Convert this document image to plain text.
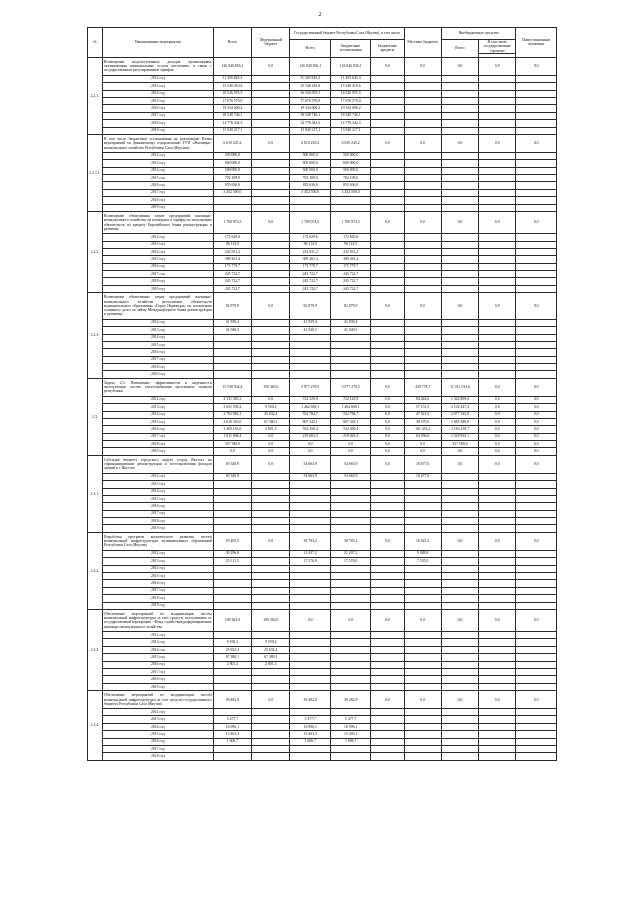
2
№	Наименование мероприятия	Всего	Федеральный бюджет	Государственный бюджет Республики Саха (Якутия), в том числе			Местные бюджеты	Внебюджетные средства		Инвестиционные вложения
				Всего	Бюджетные ассигнования	Бюджетные кредиты		Всего	В том числе государственные гарантии	

2.2.1.	Возмещение недополученных доходов организациям, оказывающим коммунальные услуги населению, в связи с государственным регулированием тарифов	126 940 836,1	0,0	126 940 836,1	126 940 836,1	0,0	0,0	0,0	0,0	0,0
	2012 год	11 305 845,3		11 305 845,3	11 305 845,3					
	2013 год	15 548 410,6		15 548 410,6	15 548 410,6					
	2014 год	16 526 955,5		16 526 955,5	16 526 955,5					
	2015 год	17 676 570,0		17 676 570,0	17 676 570,0					
	2016 год	19 334 000,2		19 334 000,2	19 334 000,2					
	2017 год	18 548 746,1		18 548 746,1	18 548 746,1					
	2018 год	14 776 342,3		14 776 342,3	14 776 342,3					
	2019 год	13 940 217,1		13 940 217,1	13 940 217,1					
2.2.1.1.	В том числе бюджетные ассигнования на реализацию Плана мероприятий по финансовому оздоровлению ГУП «Жилищно-коммунальное хозяйство Республики Саха (Якутия)»	6 610 245,2	0,0	6 610 245,2	6 610 245,2	0,0	0,0	0,0	0,0	0,0
	2012 год	500 000,0		500 000,0	500 000,0					
	2013 год	600 000,0		600 000,0	600 000,0					
	2014 год	500 000,0		500 000,0	500 000,0					
	2015 год	702 109,0		702 109,0	702 109,0					
	2016 год	855 636,0		855 636,0	855 636,0					
	2017 год	3 452 500,0		3 452 500,0	3 452 500,0					
	2018 год									
	2019 год									
2.2.2.	Возмещение объективных затрат предприятий жилищно-коммунального хозяйства, не вошедших в тарифы по исполнению обязательств по кредиту Европейского банка реконструкции и развития	1 700 974,5	0,0	1 700 974,5	1 700 974,5	0,0	0,0	0,0	0,0	0,0
	2012 год	172 629,6		172 629,6	172 629,6					
	2013 год	96 114,5		96 114,5	96 114,5					
	2014 год	232 931,2		232 931,2	232 931,2					
	2015 год	389 261,4		389 261,4	389 261,4					
	2016 год	175 779,7		175 779,7	175 779,7					
	2017 год	245 722,7		245 722,7	245 722,7					
	2018 год	245 722,7		245 722,7	245 722,7					
	2019 год	245 722,7		245 722,7	245 722,7					
2.2.3.	Возмещение объективных затрат предприятий жилищно-коммунального хозяйства (исполнение обязательств муниципального образования «Город Нерюнгри» по погашению основного долга по займу Международного банка реконструкции и развития)	82 879,9	0,0	82 879,9	82 879,9	0,0	0,0	0,0	0,0	0,0
	2012 год	41 839,4		41 839,4	41 839,4					
	2013 год	41 040,5		41 040,5	41 040,5					
	2014 год									
	2015 год									
	2016 год									
	2017 год									
	2018 год									
	2019 год									
2.3.	Задача 2.3. Повышение эффективности и надежности эксплуатации систем теплоснабжения населенных пунктов республики	15 538 934,4	109 363,0	3 977 278,5	3 977 278,5	0,0	439 778,7	11 012 533,6	0,0	0,0
	2012 год	2 131 383,3	0,0	722 129,9	722 129,9	0,0	84 442,6	1 324 809,6	0,0	0,0
	2013 год	3 631 058,2	9 550,2	1 462 669,1	1 462 669,1	0,0	57 131,5	2 102 447,4	0,0	0,0
	2014 год	2 702 882,1	25 632,4	552 784,7	552 784,7	0,0	47 521,0	2 077 543,8	0,0	0,0
	2015 год	2 618 353,0	67 380,1	807 345,1	807 345,1	0,0	38 579,0	1 685 389,8	0,0	0,0
	2016 год	3 269 163,6	2 801,3	532 456,4	532 456,4	0,0	161 452,2	2 183 410,7	0,0	0,0
	2017 год	1 811 806,4	0,0	219 063,3	219 063,3	0,0	64 936,0	1 328 903,1	0,0	0,0
	2018 год	357 580,0	0,0	0,0	0,0	0,0	0,0	357 580,0	0,0	0,0
	2019 год	0,0	0,0	0,0	0,0	0,0	0,0	0,0	0,0	0,0
2.3.1.	Субсидия бюджету городского округа «город Якутск» на софинансирование реконструкции и восстановления фасадов зданий в г. Якутске	65 340,9	0,0	54 663,9	54 663,9	0,0	10 677,0	0,0	0,0	0,0
	2012 год	65 340,9		54 663,9	54 663,9		10 677,0			
	2013 год									
	2014 год									
	2015 год									
	2016 год									
	2017 год									
	2018 год									
	2019 год									
2.3.2.	Разработка программ комплексного развития систем коммунальной инфраструктуры муниципальных образований Республики Саха (Якутия)	55 495,5	0,0	38 783,2	38 783,2	0,0	16 022,3	0,0	0,0	0,0
	2012 год	30 296,0		21 207,2	21 207,2		9 088,8			
	2013 год	25 111,5		17 576,0	17 576,0		7 535,5			
	2014 год									
	2015 год									
	2016 год									
	2017 год									
	2018 год									
	2019 год									
2.3.3.	Обеспечение мероприятий по модернизации систем коммунальной инфраструктуры за счет средств, поступивших от государственной корпорации - Фонд содействия реформированию жилищно-коммунального хозяйства	109 363,0	109 363,0	0,0	0,0	0,0	0,0	0,0	0,0	0,0
	2012 год									
	2013 год	9 550,2	9 550,2							
	2014 год	25 632,4	25 632,4							
	2015 год	67 380,1	67 380,1							
	2016 год	2 801,3	2 801,3							
	2017 год									
	2018 год									
	2019 год									
2.3.4.	Обеспечение мероприятий по модернизации систем коммунальной инфраструктуры за счет средств государственного бюджета Республики Саха (Якутия)	39 482,8	0,0	39 482,8	39 482,8	0,0	0,0	0,0	0,0	0,0
	2012 год									
	2013 год	5 477,7		5 477,7	5 477,7					
	2014 год	16 996,1		16 996,1	16 996,1					
	2015 год	15 403,3		15 403,3	15 403,3					
	2016 год	1 606,7		1 606,7	1 606,7					
	2017 год									
	2018 год									
